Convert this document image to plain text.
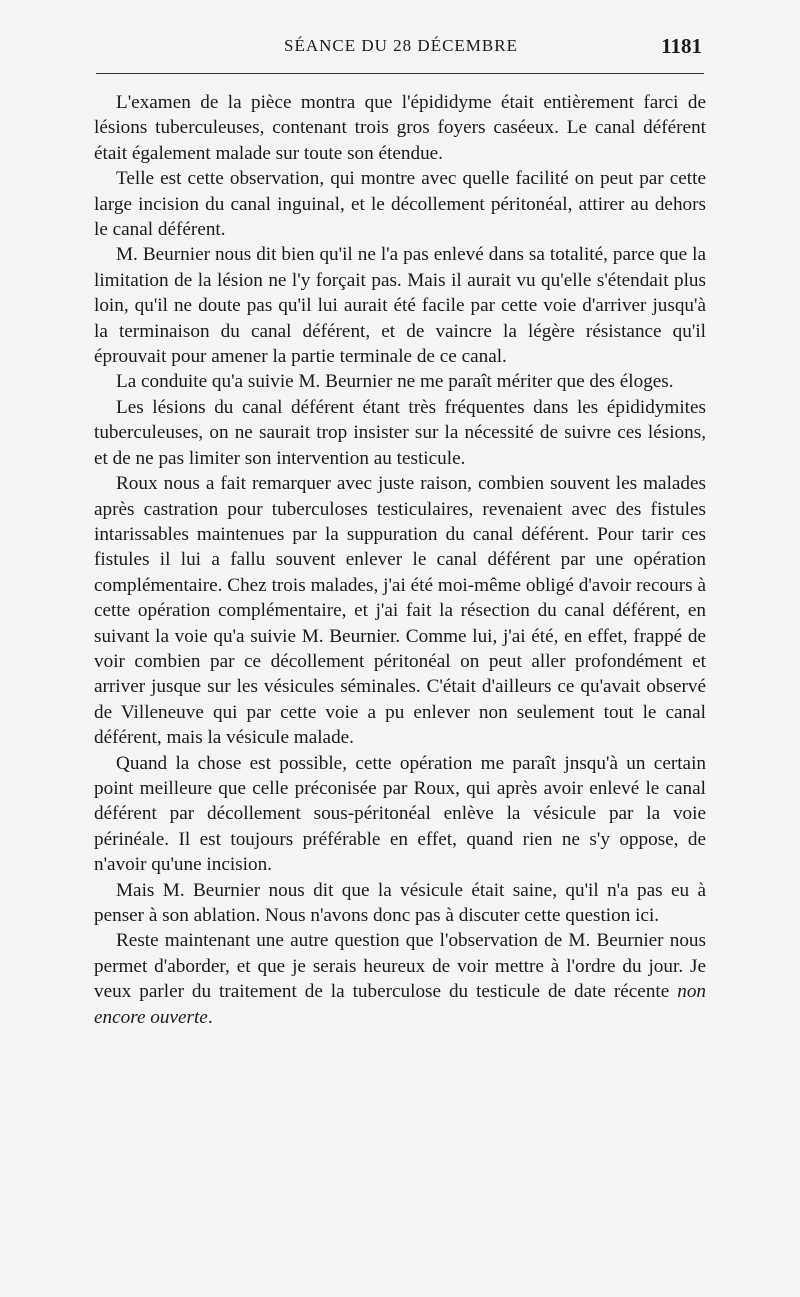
SÉANCE DU 28 DÉCEMBRE	1181

L'examen de la pièce montra que l'épididyme était entièrement farci de lésions tuberculeuses, contenant trois gros foyers caséeux. Le canal déférent était également malade sur toute son étendue.

Telle est cette observation, qui montre avec quelle facilité on peut par cette large incision du canal inguinal, et le décollement péritonéal, attirer au dehors le canal déférent.

M. Beurnier nous dit bien qu'il ne l'a pas enlevé dans sa totalité, parce que la limitation de la lésion ne l'y forçait pas. Mais il aurait vu qu'elle s'étendait plus loin, qu'il ne doute pas qu'il lui aurait été facile par cette voie d'arriver jusqu'à la terminaison du canal déférent, et de vaincre la légère résistance qu'il éprouvait pour amener la partie terminale de ce canal.

La conduite qu'a suivie M. Beurnier ne me paraît mériter que des éloges.

Les lésions du canal déférent étant très fréquentes dans les épididymites tuberculeuses, on ne saurait trop insister sur la nécessité de suivre ces lésions, et de ne pas limiter son intervention au testicule.

Roux nous a fait remarquer avec juste raison, combien souvent les malades après castration pour tuberculoses testiculaires, revenaient avec des fistules intarissables maintenues par la suppuration du canal déférent. Pour tarir ces fistules il lui a fallu souvent enlever le canal déférent par une opération complémentaire. Chez trois malades, j'ai été moi-même obligé d'avoir recours à cette opération complémentaire, et j'ai fait la résection du canal déférent, en suivant la voie qu'a suivie M. Beurnier. Comme lui, j'ai été, en effet, frappé de voir combien par ce décollement péritonéal on peut aller profondément et arriver jusque sur les vésicules séminales. C'était d'ailleurs ce qu'avait observé de Villeneuve qui par cette voie a pu enlever non seulement tout le canal déférent, mais la vésicule malade.

Quand la chose est possible, cette opération me paraît jnsqu'à un certain point meilleure que celle préconisée par Roux, qui après avoir enlevé le canal déférent par décollement sous-péritonéal enlève la vésicule par la voie périnéale. Il est toujours préférable en effet, quand rien ne s'y oppose, de n'avoir qu'une incision.

Mais M. Beurnier nous dit que la vésicule était saine, qu'il n'a pas eu à penser à son ablation. Nous n'avons donc pas à discuter cette question ici.

Reste maintenant une autre question que l'observation de M. Beurnier nous permet d'aborder, et que je serais heureux de voir mettre à l'ordre du jour. Je veux parler du traitement de la tuberculose du testicule de date récente non encore ouverte.
